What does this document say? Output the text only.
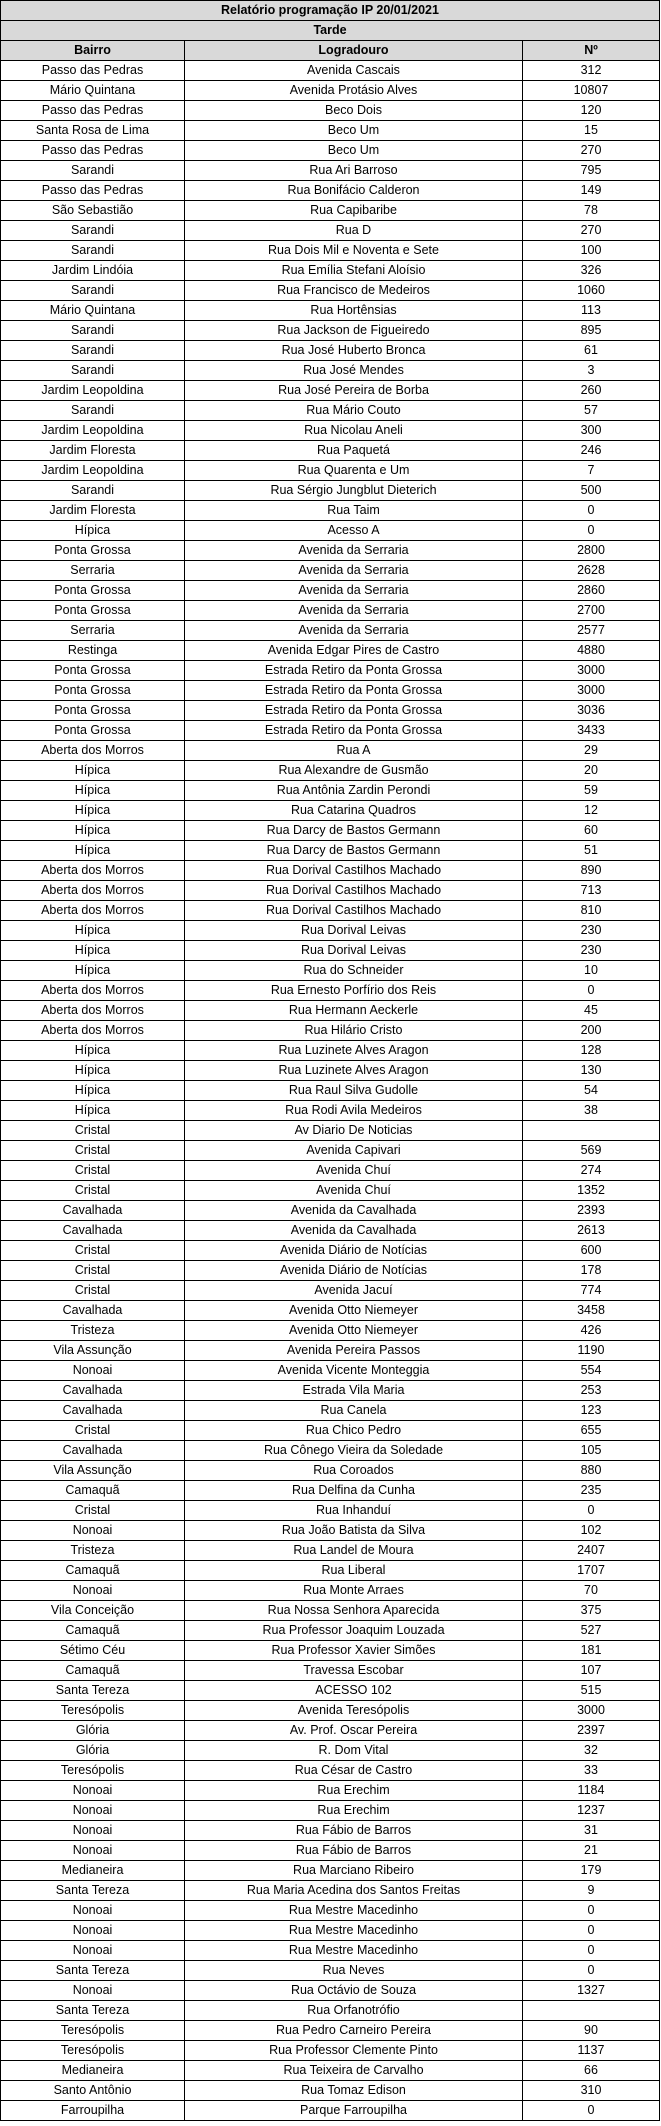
Relatório programação IP 20/01/2021		
Tarde		
Bairro	Logradouro	Nº
Passo das Pedras	Avenida Cascais	312
Mário Quintana	Avenida Protásio Alves	10807
Passo das Pedras	Beco Dois	120
Santa Rosa de Lima	Beco Um	15
Passo das Pedras	Beco Um	270
Sarandi	Rua Ari Barroso	795
Passo das Pedras	Rua Bonifácio Calderon	149
São Sebastião	Rua Capibaribe	78
Sarandi	Rua D	270
Sarandi	Rua Dois Mil e Noventa e Sete	100
Jardim Lindóia	Rua Emília Stefani Aloísio	326
Sarandi	Rua Francisco de Medeiros	1060
Mário Quintana	Rua Hortênsias	113
Sarandi	Rua Jackson de Figueiredo	895
Sarandi	Rua José Huberto Bronca	61
Sarandi	Rua José Mendes	3
Jardim Leopoldina	Rua José Pereira de Borba	260
Sarandi	Rua Mário Couto	57
Jardim Leopoldina	Rua Nicolau Aneli	300
Jardim Floresta	Rua Paquetá	246
Jardim Leopoldina	Rua Quarenta e Um	7
Sarandi	Rua Sérgio Jungblut Dieterich	500
Jardim Floresta	Rua Taim	0
Hípica	Acesso A	0
Ponta Grossa	Avenida da Serraria	2800
Serraria	Avenida da Serraria	2628
Ponta Grossa	Avenida da Serraria	2860
Ponta Grossa	Avenida da Serraria	2700
Serraria	Avenida da Serraria	2577
Restinga	Avenida Edgar Pires de Castro	4880
Ponta Grossa	Estrada Retiro da Ponta Grossa	3000
Ponta Grossa	Estrada Retiro da Ponta Grossa	3000
Ponta Grossa	Estrada Retiro da Ponta Grossa	3036
Ponta Grossa	Estrada Retiro da Ponta Grossa	3433
Aberta dos Morros	Rua A	29
Hípica	Rua Alexandre de Gusmão	20
Hípica	Rua Antônia Zardin Perondi	59
Hípica	Rua Catarina Quadros	12
Hípica	Rua Darcy de Bastos Germann	60
Hípica	Rua Darcy de Bastos Germann	51
Aberta dos Morros	Rua Dorival Castilhos Machado	890
Aberta dos Morros	Rua Dorival Castilhos Machado	713
Aberta dos Morros	Rua Dorival Castilhos Machado	810
Hípica	Rua Dorival Leivas	230
Hípica	Rua Dorival Leivas	230
Hípica	Rua do Schneider	10
Aberta dos Morros	Rua Ernesto Porfírio dos Reis	0
Aberta dos Morros	Rua Hermann Aeckerle	45
Aberta dos Morros	Rua Hilário Cristo	200
Hípica	Rua Luzinete Alves Aragon	128
Hípica	Rua Luzinete Alves Aragon	130
Hípica	Rua Raul Silva Gudolle	54
Hípica	Rua Rodi Avila Medeiros	38
Cristal	Av Diario De Noticias	
Cristal	Avenida Capivari	569
Cristal	Avenida Chuí	274
Cristal	Avenida Chuí	1352
Cavalhada	Avenida da Cavalhada	2393
Cavalhada	Avenida da Cavalhada	2613
Cristal	Avenida Diário de Notícias	600
Cristal	Avenida Diário de Notícias	178
Cristal	Avenida Jacuí	774
Cavalhada	Avenida Otto Niemeyer	3458
Tristeza	Avenida Otto Niemeyer	426
Vila Assunção	Avenida Pereira Passos	1190
Nonoai	Avenida Vicente Monteggia	554
Cavalhada	Estrada Vila Maria	253
Cavalhada	Rua Canela	123
Cristal	Rua Chico Pedro	655
Cavalhada	Rua Cônego Vieira da Soledade	105
Vila Assunção	Rua Coroados	880
Camaquã	Rua Delfina da Cunha	235
Cristal	Rua Inhanduí	0
Nonoai	Rua João Batista da Silva	102
Tristeza	Rua Landel de Moura	2407
Camaquã	Rua Liberal	1707
Nonoai	Rua Monte Arraes	70
Vila Conceição	Rua Nossa Senhora Aparecida	375
Camaquã	Rua Professor Joaquim Louzada	527
Sétimo Céu	Rua Professor Xavier Simões	181
Camaquã	Travessa Escobar	107
Santa Tereza	ACESSO 102	515
Teresópolis	Avenida Teresópolis	3000
Glória	Av. Prof. Oscar Pereira	2397
Glória	R. Dom Vital	32
Teresópolis	Rua César de Castro	33
Nonoai	Rua Erechim	1184
Nonoai	Rua Erechim	1237
Nonoai	Rua Fábio de Barros	31
Nonoai	Rua Fábio de Barros	21
Medianeira	Rua Marciano Ribeiro	179
Santa Tereza	Rua Maria Acedina dos Santos Freitas	9
Nonoai	Rua Mestre Macedinho	0
Nonoai	Rua Mestre Macedinho	0
Nonoai	Rua Mestre Macedinho	0
Santa Tereza	Rua Neves	0
Nonoai	Rua Octávio de Souza	1327
Santa Tereza	Rua Orfanotrófio	
Teresópolis	Rua Pedro Carneiro Pereira	90
Teresópolis	Rua Professor Clemente Pinto	1137
Medianeira	Rua Teixeira de Carvalho	66
Santo Antônio	Rua Tomaz Edison	310
Farroupilha	Parque Farroupilha	0
